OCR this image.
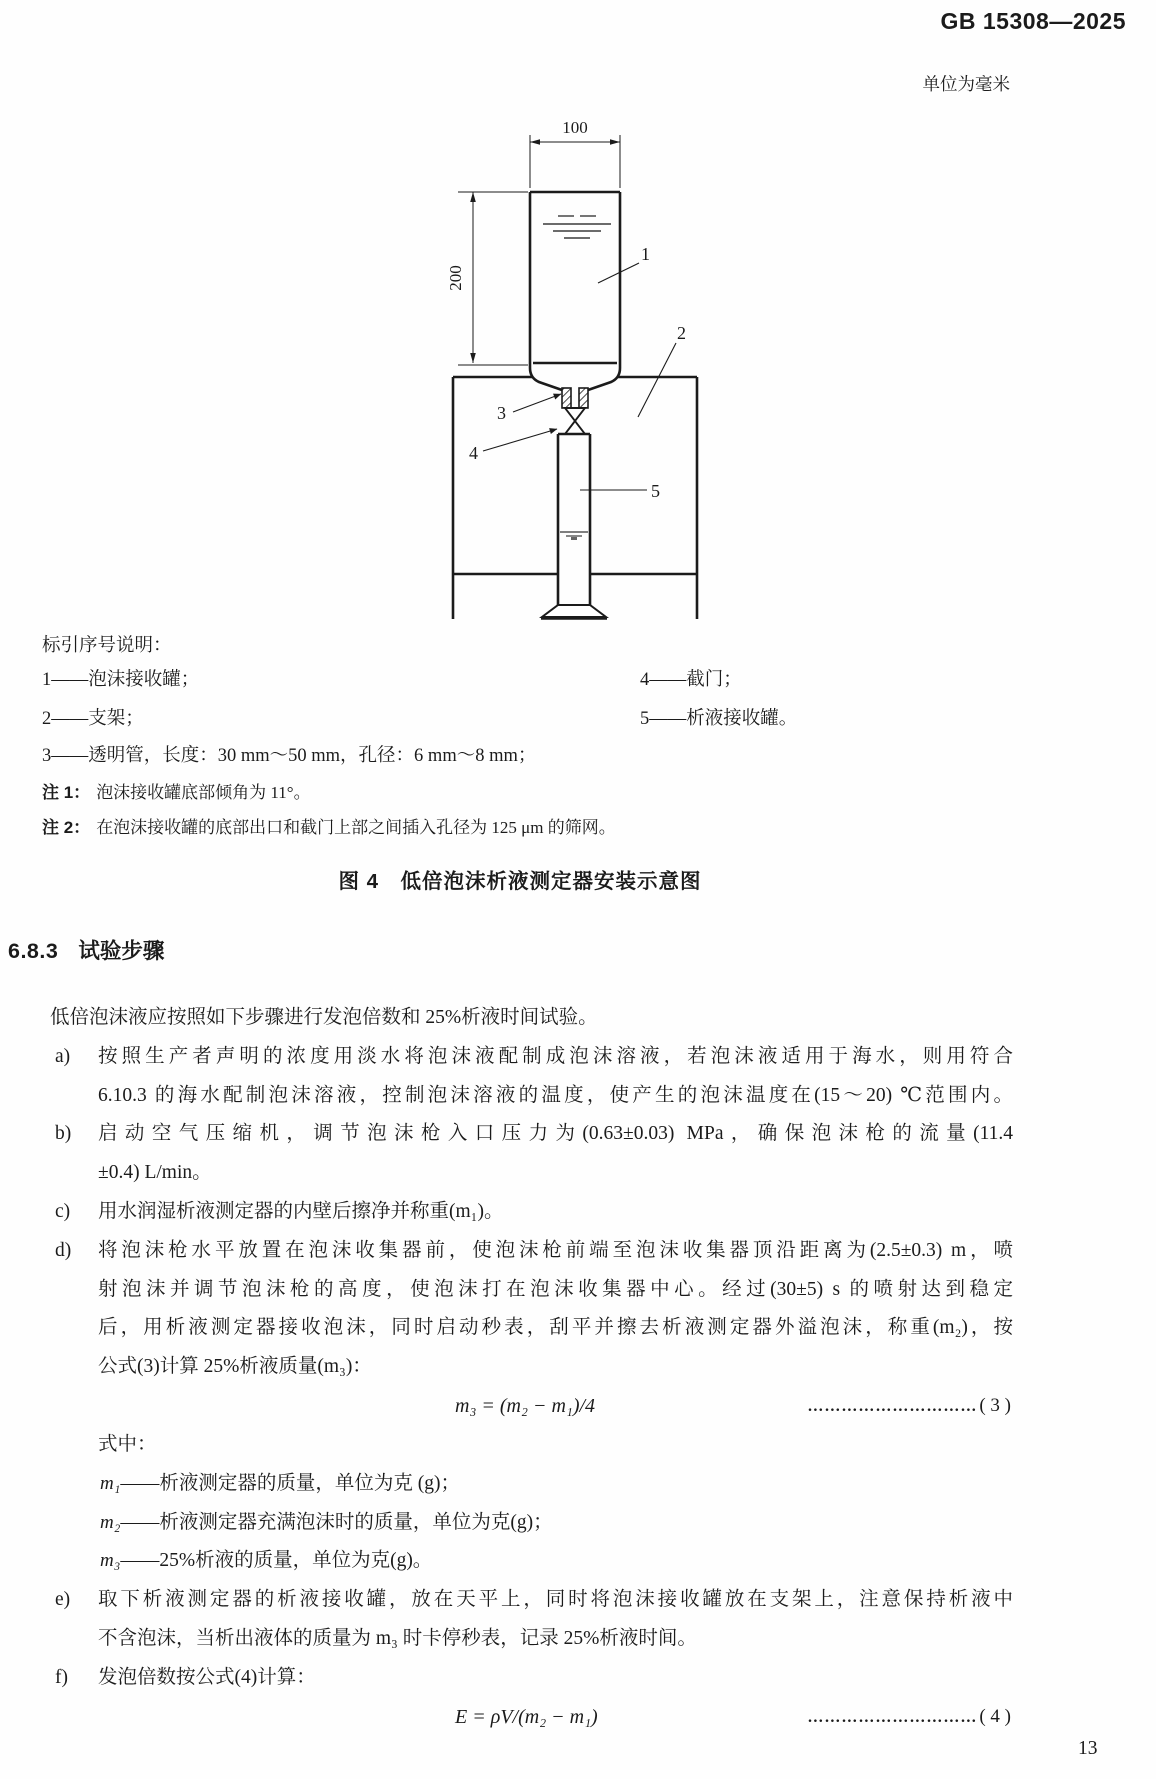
GB 15308—2025
单位为毫米
100
200
1
2
3
4
5
标引序号说明：
1——泡沫接收罐；	4——截门；
2——支架；	5——析液接收罐。
3——透明管，长度：30 mm～50 mm，孔径：6 mm～8 mm；
注 1： 泡沫接收罐底部倾角为 11°。
注 2： 在泡沫接收罐的底部出口和截门上部之间插入孔径为 125 μm 的筛网。
图 4　低倍泡沫析液测定器安装示意图
6.8.3 试验步骤
低倍泡沫液应按照如下步骤进行发泡倍数和 25%析液时间试验。
a)	按照生产者声明的浓度用淡水将泡沫液配制成泡沫溶液，若泡沫液适用于海水，则用符合
6.10.3 的海水配制泡沫溶液，控制泡沫溶液的温度，使产生的泡沫温度在(15～20) ℃范围内。
b)	启动空气压缩机，调节泡沫枪入口压力为(0.63±0.03) MPa，确保泡沫枪的流量(11.4
±0.4) L/min。
c)	用水润湿析液测定器的内壁后擦净并称重(m₁)。
d)	将泡沫枪水平放置在泡沫收集器前，使泡沫枪前端至泡沫收集器顶沿距离为(2.5±0.3) m，喷
射泡沫并调节泡沫枪的高度，使泡沫打在泡沫收集器中心。经过(30±5) s 的喷射达到稳定
后，用析液测定器接收泡沫，同时启动秒表，刮平并擦去析液测定器外溢泡沫，称重(m₂)，按
公式(3)计算 25%析液质量(m₃)：
m₃ = (m₂ − m₁)/4	………………………… ( 3 )
式中：
m₁——析液测定器的质量，单位为克 (g)；
m₂——析液测定器充满泡沫时的质量，单位为克(g)；
m₃——25%析液的质量，单位为克(g)。
e)	取下析液测定器的析液接收罐，放在天平上，同时将泡沫接收罐放在支架上，注意保持析液中
不含泡沫，当析出液体的质量为 m₃ 时卡停秒表，记录 25%析液时间。
f)	发泡倍数按公式(4)计算：
E = ρV/(m₂ − m₁)	………………………… ( 4 )
13
